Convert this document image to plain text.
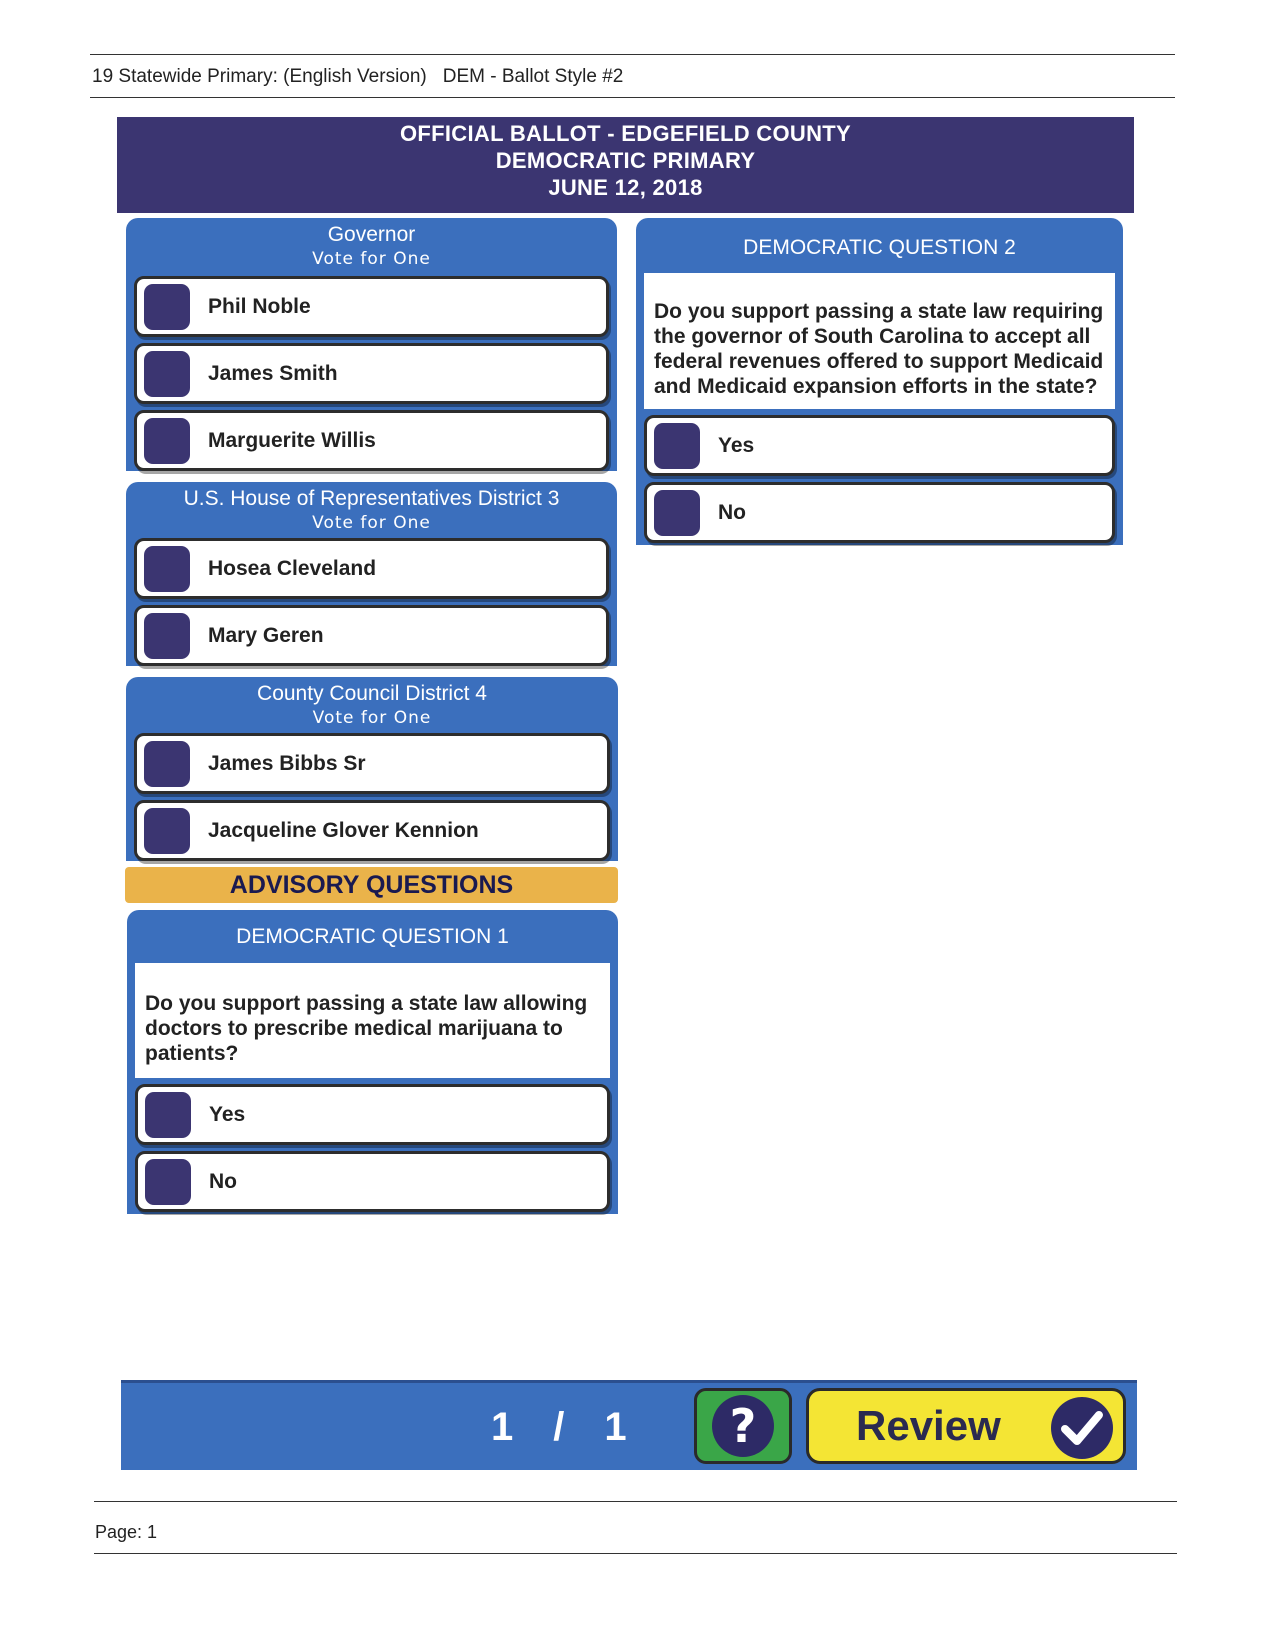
19 Statewide Primary: (English Version) DEM - Ballot Style #2
OFFICIAL BALLOT - EDGEFIELD COUNTY
DEMOCRATIC PRIMARY
JUNE 12, 2018
Governor
Vote for One
Phil Noble
James Smith
Marguerite Willis
U.S. House of Representatives District 3
Vote for One
Hosea Cleveland
Mary Geren
County Council District 4
Vote for One
James Bibbs Sr
Jacqueline Glover Kennion
ADVISORY QUESTIONS
DEMOCRATIC QUESTION 1
Do you support passing a state law allowing doctors to prescribe medical marijuana to patients?
Yes
No
DEMOCRATIC QUESTION 2
Do you support passing a state law requiring the governor of South Carolina to accept all federal revenues offered to support Medicaid and Medicaid expansion efforts in the state?
Yes
No
1 / 1	?	Review
Page: 1
